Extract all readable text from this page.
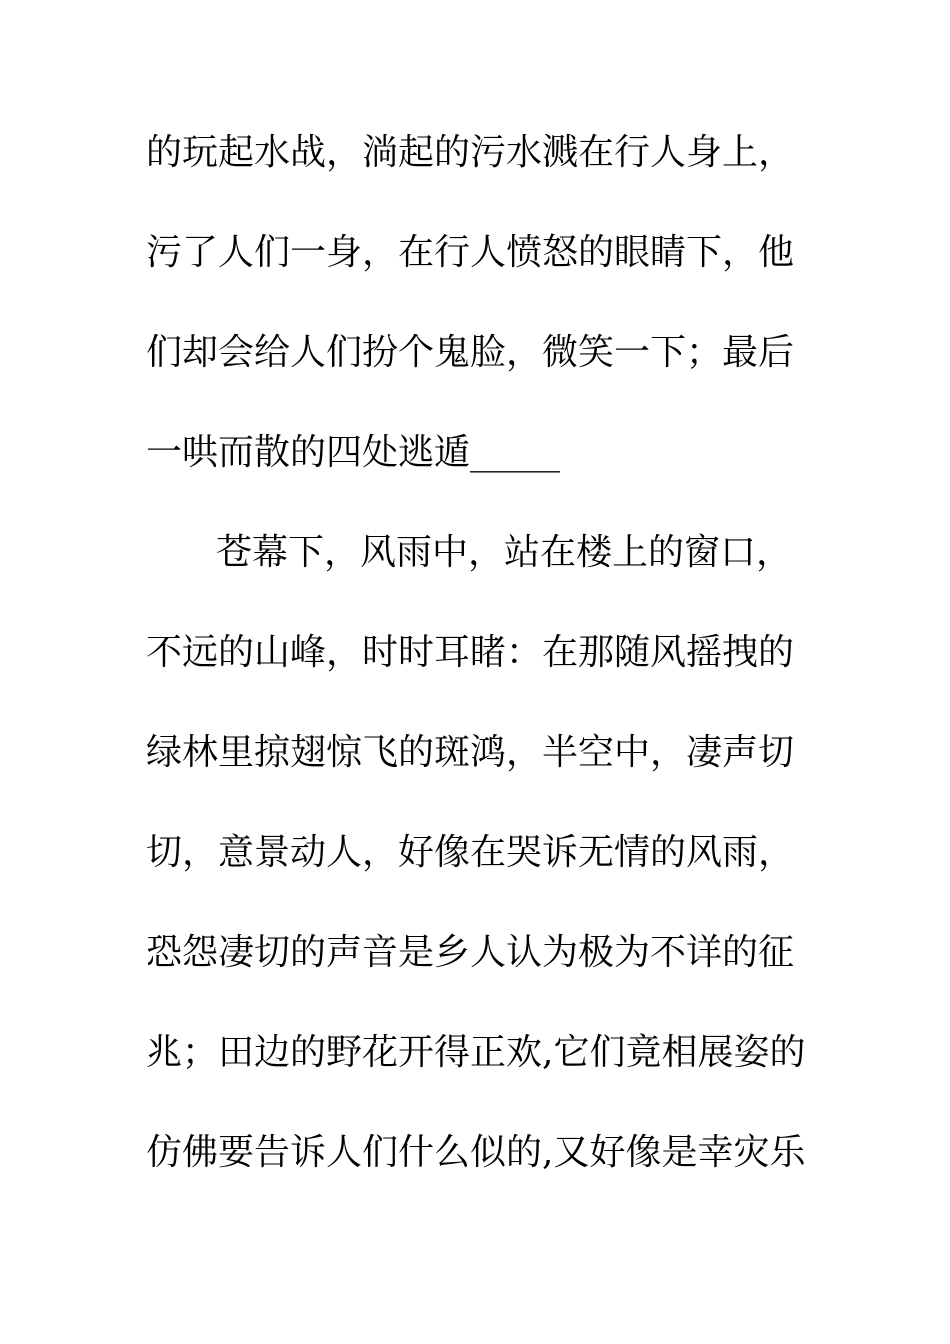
的玩起水战，淌起的污水溅在行人身上，
污了人们一身，在行人愤怒的眼睛下，他
们却会给人们扮个鬼脸，微笑一下；最后
一哄而散的四处逃遁_____
苍幕下，风雨中，站在楼上的窗口，
不远的山峰，时时耳睹：在那随风摇拽的
绿林里掠翅惊飞的斑鸿，半空中，凄声切
切，意景动人，好像在哭诉无情的风雨，
恐怨凄切的声音是乡人认为极为不详的征
兆；田边的野花开得正欢,它们竟相展姿的
仿佛要告诉人们什么似的,又好像是幸灾乐
